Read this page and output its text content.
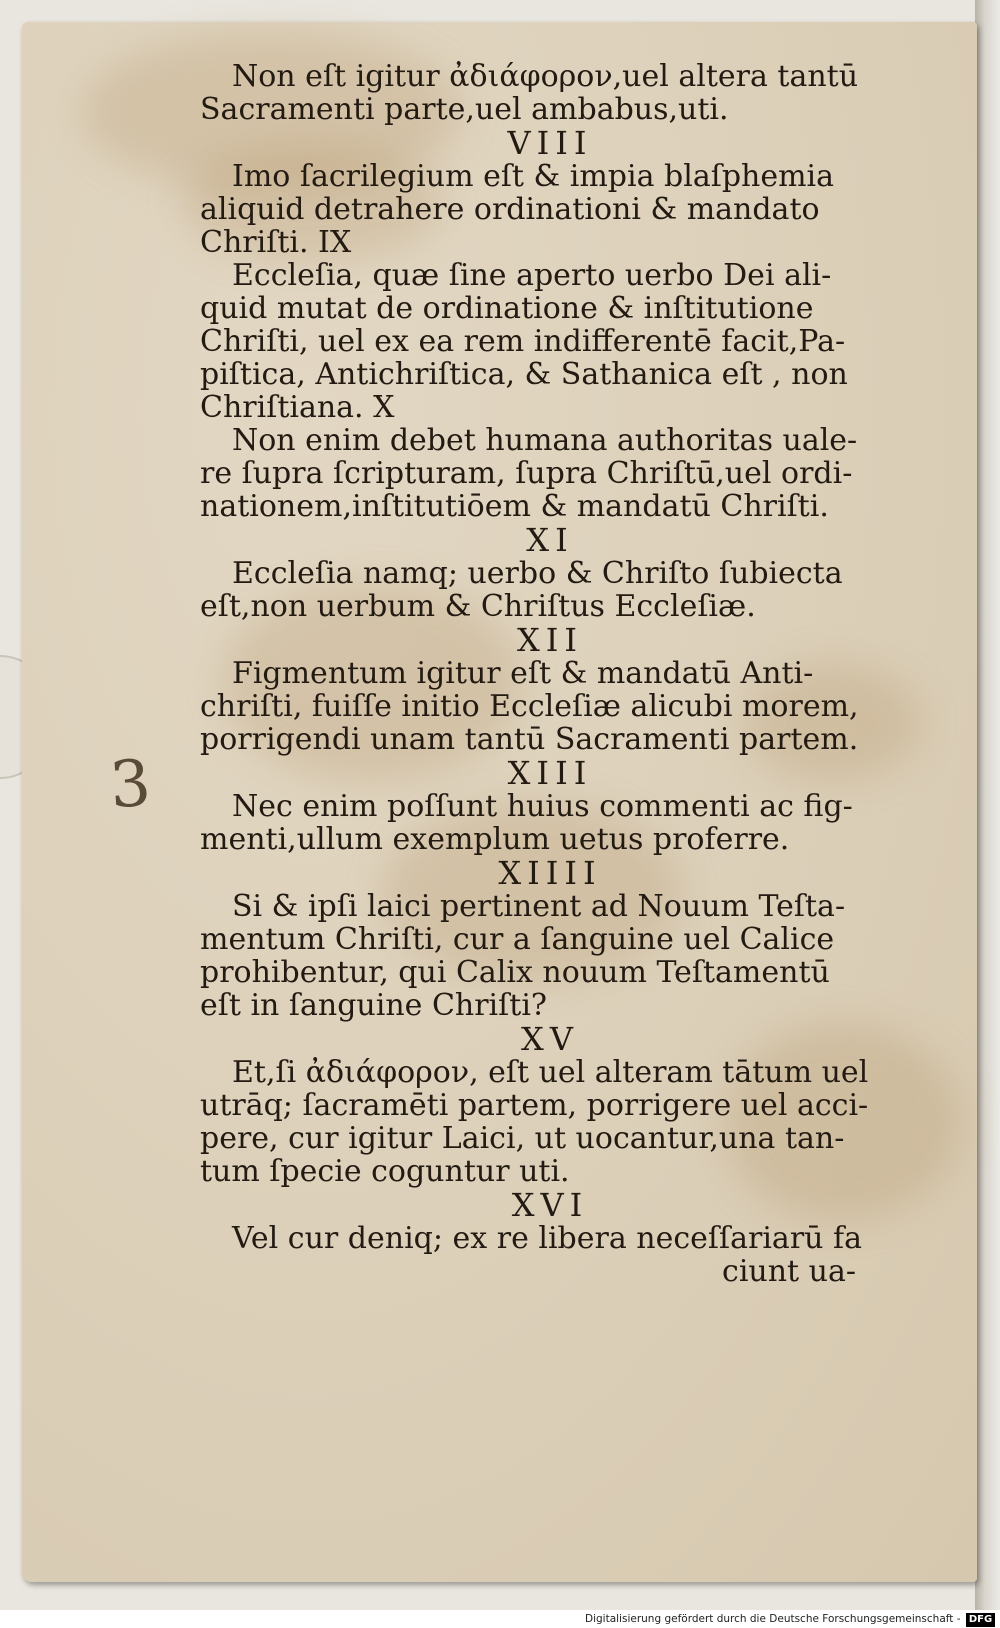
3
Non eſt igitur ἀδιάφορον,uel altera tantū
Sacramenti parte,uel ambabus,uti.
VIII
Imo ſacrilegium eſt & impia blaſphemia
aliquid detrahere ordinationi & mandato
Chriſti. IX
Eccleſia, quæ ſine aperto uerbo Dei ali-
quid mutat de ordinatione & inſtitutione
Chriſti, uel ex ea rem indifferentē facit,Pa-
piſtica, Antichriſtica, & Sathanica eſt , non
Chriſtiana. X
Non enim debet humana authoritas uale-
re ſupra ſcripturam, ſupra Chriſtū,uel ordi-
nationem,inſtitutiōem & mandatū Chriſti.
XI
Eccleſia namq; uerbo & Chriſto ſubiecta
eſt,non uerbum & Chriſtus Eccleſiæ.
XII
Figmentum igitur eſt & mandatū Anti-
chriſti, fuiſſe initio Eccleſiæ alicubi morem,
porrigendi unam tantū Sacramenti partem.
XIII
Nec enim poſſunt huius commenti ac fig-
menti,ullum exemplum uetus proferre.
XIIII
Si & ipſi laici pertinent ad Nouum Teſta-
mentum Chriſti, cur a ſanguine uel Calice
prohibentur, qui Calix nouum Teſtamentū
eſt in ſanguine Chriſti?
XV
Et,ſi ἀδιάφορον, eſt uel alteram tātum uel
utrāq; ſacramēti partem, porrigere uel acci-
pere, cur igitur Laici, ut uocantur,una tan-
tum ſpecie coguntur uti.
XVI
Vel cur deniq; ex re libera neceſſariarū fa
ciunt ua-
Digitalisierung gefördert durch die Deutsche Forschungsgemeinschaft - DFG
